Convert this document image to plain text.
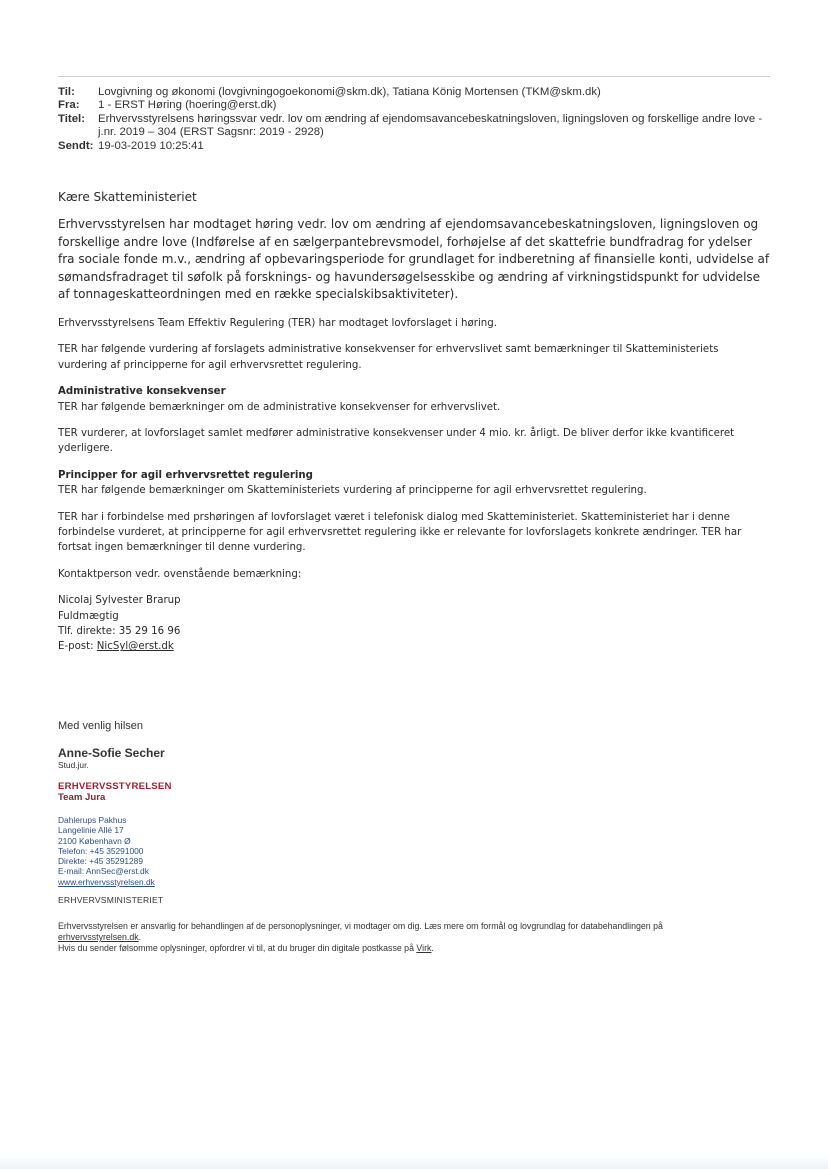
Til:	Lovgivning og økonomi (lovgivningogoekonomi@skm.dk), Tatiana König Mortensen (TKM@skm.dk)
Fra:	1 - ERST Høring (hoering@erst.dk)
Titel:	Erhvervsstyrelsens høringssvar vedr. lov om ændring af ejendomsavancebeskatningsloven, ligningsloven og forskellige andre love - j.nr. 2019 – 304 (ERST Sagsnr: 2019 - 2928)
Sendt: 19-03-2019 10:25:41

Kære Skatteministeriet

Erhvervsstyrelsen har modtaget høring vedr. lov om ændring af ejendomsavancebeskatningsloven, ligningsloven og forskellige andre love (Indførelse af en sælgerpantebrevsmodel, forhøjelse af det skattefrie bundfradrag for ydelser fra sociale fonde m.v., ændring af opbevaringsperiode for grundlaget for indberetning af finansielle konti, udvidelse af sømandsfradraget til søfolk på forsknings- og havundersøgelsesskibe og ændring af virkningstidspunkt for udvidelse af tonnageskatteordningen med en række specialskibsaktiviteter).

Erhvervsstyrelsens Team Effektiv Regulering (TER) har modtaget lovforslaget i høring.

TER har følgende vurdering af forslagets administrative konsekvenser for erhvervslivet samt bemærkninger til Skatteministeriets vurdering af principperne for agil erhvervsrettet regulering.

Administrative konsekvenser

TER har følgende bemærkninger om de administrative konsekvenser for erhvervslivet.

TER vurderer, at lovforslaget samlet medfører administrative konsekvenser under 4 mio. kr. årligt. De bliver derfor ikke kvantificeret yderligere.

Principper for agil erhvervsrettet regulering

TER har følgende bemærkninger om Skatteministeriets vurdering af principperne for agil erhvervsrettet regulering.

TER har i forbindelse med prshøringen af lovforslaget været i telefonisk dialog med Skatteministeriet. Skatteministeriet har i denne forbindelse vurderet, at principperne for agil erhvervsrettet regulering ikke er relevante for lovforslagets konkrete ændringer. TER har fortsat ingen bemærkninger til denne vurdering.

Kontaktperson vedr. ovenstående bemærkning:

Nicolaj Sylvester Brarup
Fuldmægtig
Tlf. direkte: 35 29 16 96
E-post: NicSyl@erst.dk

Med venlig hilsen

Anne-Sofie Secher

Stud.jur.

ERHVERVSSTYRELSEN

Team Jura

Dahlerups Pakhus
Langelinie Allé 17
2100 København Ø
Telefon: +45 35291000
Direkte: +45 35291289
E-mail: AnnSec@erst.dk
www.erhvervsstyrelsen.dk

ERHVERVSMINISTERIET

Erhvervsstyrelsen er ansvarlig for behandlingen af de personoplysninger, vi modtager om dig. Læs mere om formål og lovgrundlag for databehandlingen på erhvervsstyrelsen.dk.
Hvis du sender følsomme oplysninger, opfordrer vi til, at du bruger din digitale postkasse på Virk.
